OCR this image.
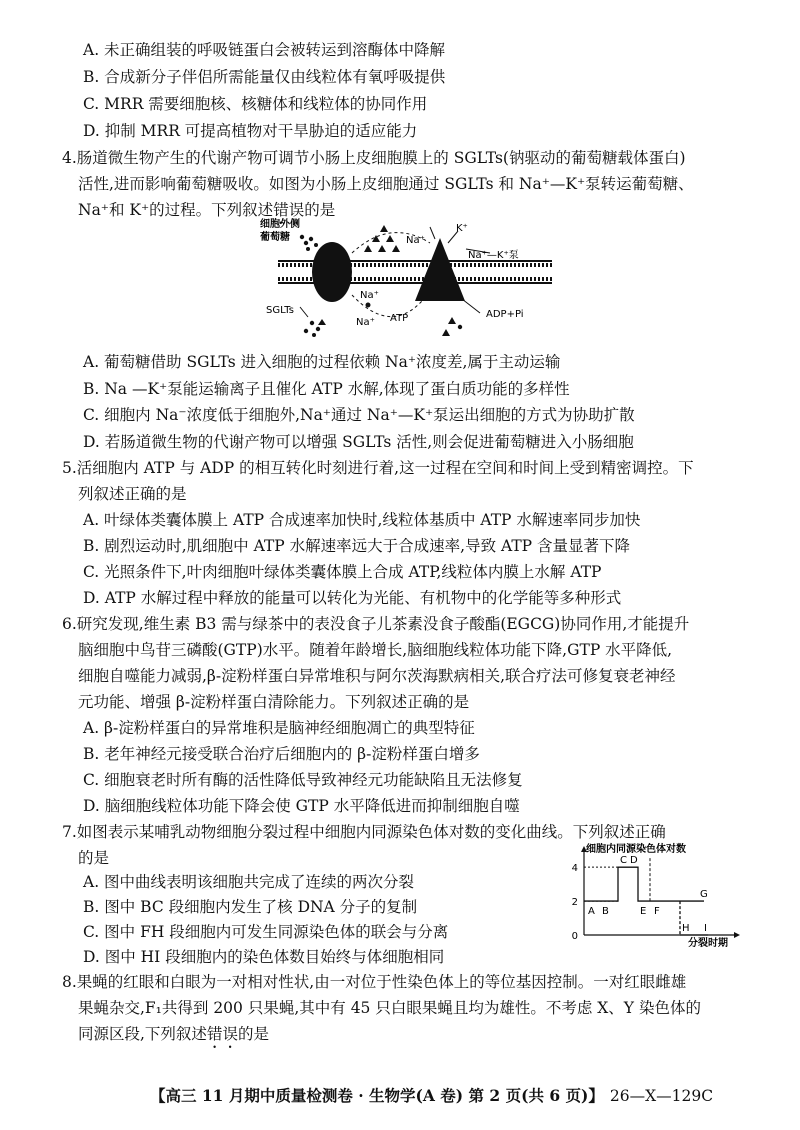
A. 未正确组装的呼吸链蛋白会被转运到溶酶体中降解
B. 合成新分子伴侣所需能量仅由线粒体有氧呼吸提供
C. MRR 需要细胞核、核糖体和线粒体的协同作用
D. 抑制 MRR 可提高植物对干旱胁迫的适应能力
4.肠道微生物产生的代谢产物可调节小肠上皮细胞膜上的 SGLTs(钠驱动的葡萄糖载体蛋白)
活性,进而影响葡萄糖吸收。如图为小肠上皮细胞通过 SGLTs 和 Na⁺—K⁺泵转运葡萄糖、
Na⁺和 K⁺的过程。下列叙述错误的是
细胞外侧
葡萄糖	Na⁺
K⁺
Na⁺—K⁺泵
SGLTs
Na⁺
Na⁺ ATP	ADP+Pi
A. 葡萄糖借助 SGLTs 进入细胞的过程依赖 Na⁺浓度差,属于主动运输
B. Na —K⁺泵能运输离子且催化 ATP 水解,体现了蛋白质功能的多样性
C. 细胞内 Na⁻浓度低于细胞外,Na⁺通过 Na⁺—K⁺泵运出细胞的方式为协助扩散
D. 若肠道微生物的代谢产物可以增强 SGLTs 活性,则会促进葡萄糖进入小肠细胞
5.活细胞内 ATP 与 ADP 的相互转化时刻进行着,这一过程在空间和时间上受到精密调控。下
列叙述正确的是
A. 叶绿体类囊体膜上 ATP 合成速率加快时,线粒体基质中 ATP 水解速率同步加快
B. 剧烈运动时,肌细胞中 ATP 水解速率远大于合成速率,导致 ATP 含量显著下降
C. 光照条件下,叶肉细胞叶绿体类囊体膜上合成 ATP,线粒体内膜上水解 ATP
D. ATP 水解过程中释放的能量可以转化为光能、有机物中的化学能等多种形式
6.研究发现,维生素 B3 需与绿茶中的表没食子儿茶素没食子酸酯(EGCG)协同作用,才能提升
脑细胞中鸟苷三磷酸(GTP)水平。随着年龄增长,脑细胞线粒体功能下降,GTP 水平降低,
细胞自噬能力减弱,β-淀粉样蛋白异常堆积与阿尔茨海默病相关,联合疗法可修复衰老神经
元功能、增强 β-淀粉样蛋白清除能力。下列叙述正确的是
A. β-淀粉样蛋白的异常堆积是脑神经细胞凋亡的典型特征
B. 老年神经元接受联合治疗后细胞内的 β-淀粉样蛋白增多
C. 细胞衰老时所有酶的活性降低导致神经元功能缺陷且无法修复
D. 脑细胞线粒体功能下降会使 GTP 水平降低进而抑制细胞自噬
7.如图表示某哺乳动物细胞分裂过程中细胞内同源染色体对数的变化曲线。下列叙述正确
的是
A. 图中曲线表明该细胞共完成了连续的两次分裂
B. 图中 BC 段细胞内发生了核 DNA 分子的复制
C. 图中 FH 段细胞内可发生同源染色体的联会与分离
D. 图中 HI 段细胞内的染色体数目始终与体细胞相同
细胞内同源染色体对数
分裂时期
0
2
4
A B
C D
E F
G
H I
8.果蝇的红眼和白眼为一对相对性状,由一对位于性染色体上的等位基因控制。一对红眼雌雄
果蝇杂交,F₁共得到 200 只果蝇,其中有 45 只白眼果蝇且均为雄性。不考虑 X、Y 染色体的
同源区段,下列叙述错误的是
【高三 11 月期中质量检测卷 · 生物学(A 卷) 第 2 页(共 6 页)】 26—X—129C
